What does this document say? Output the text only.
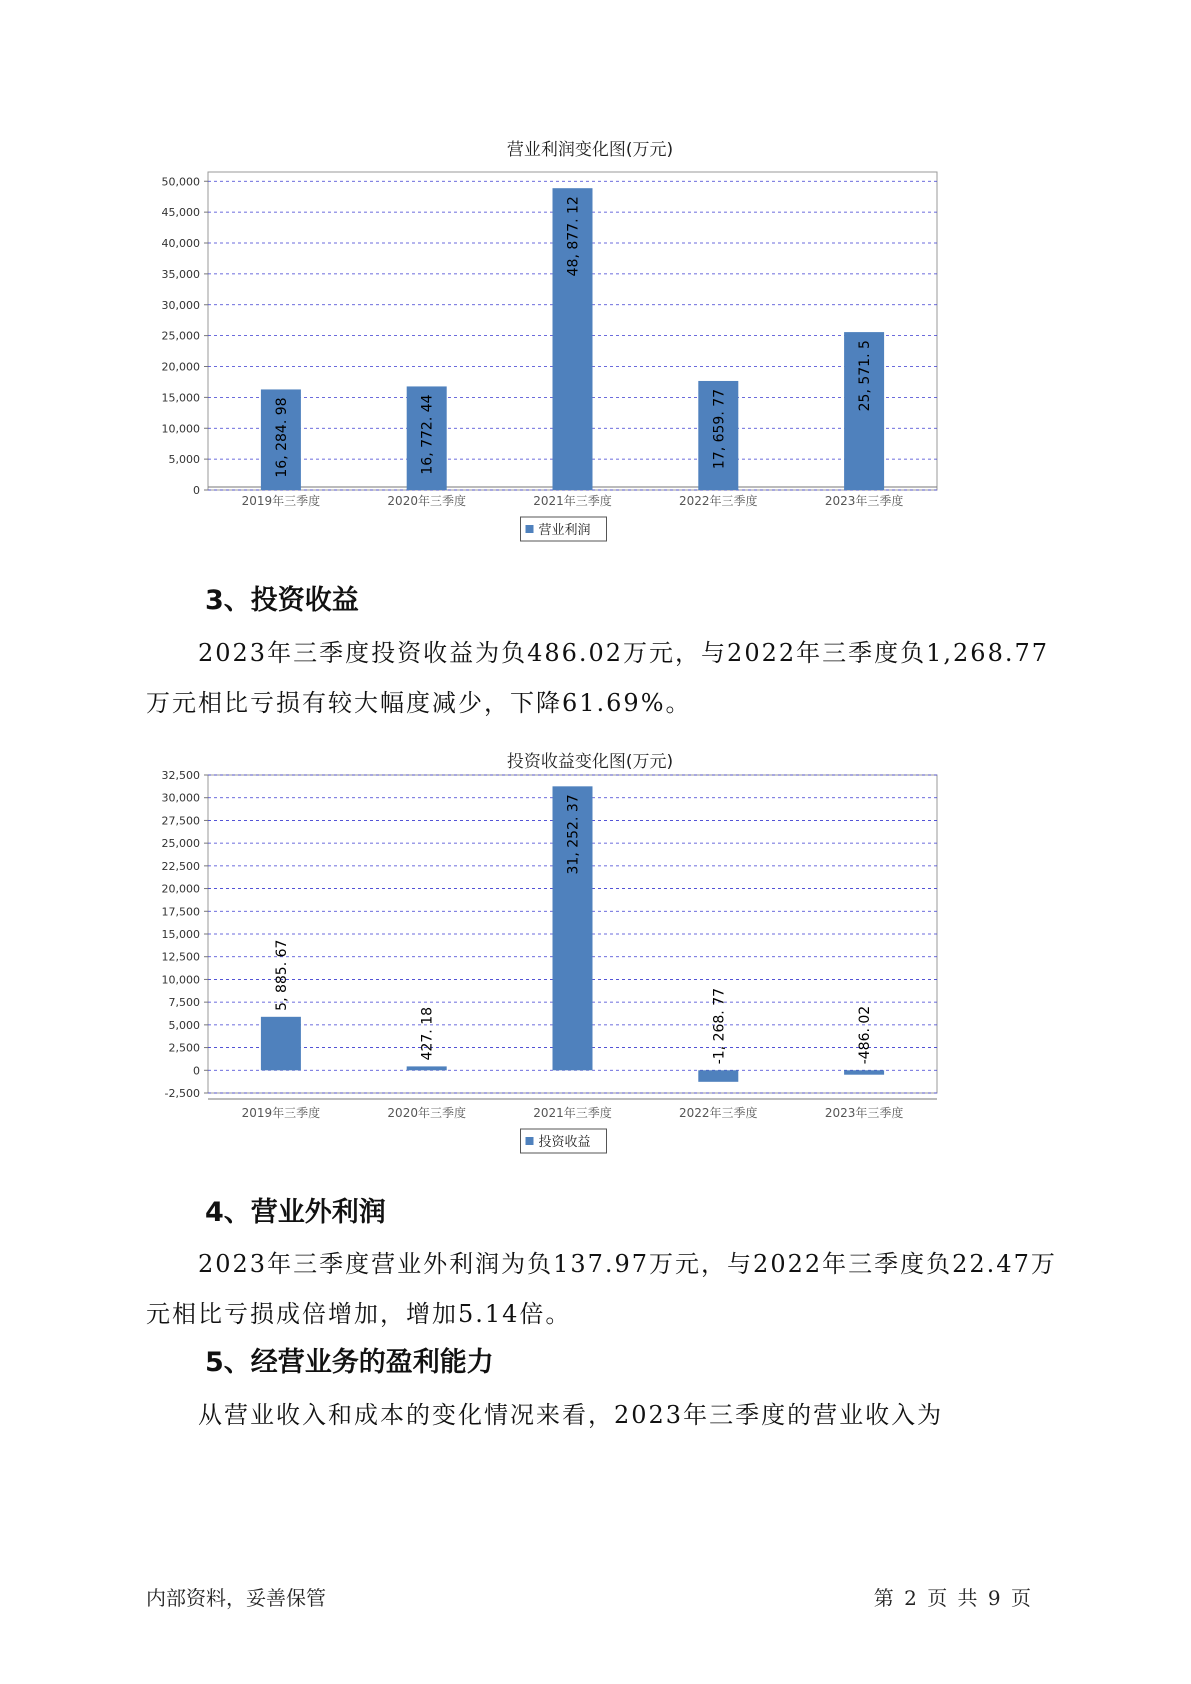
营业利润变化图(万元)
0
5,000
10,000
15,000
20,000
25,000
30,000
35,000
40,000
45,000
50,000
16, 284. 98
2019年三季度
16, 772. 44
2020年三季度
48, 877. 12
2021年三季度
17, 659. 77
2022年三季度
25, 571. 5
2023年三季度
营业利润
3、投资收益

2023年三季度投资收益为负486.02万元，与2022年三季度负1,268.77
万元相比亏损有较大幅度减少，下降61.69%。

投资收益变化图(万元)
-2,500
0
2,500
5,000
7,500
10,000
12,500
15,000
17,500
20,000
22,500
25,000
27,500
30,000
32,500
5, 885. 67
2019年三季度
427. 18
2020年三季度
31, 252. 37
2021年三季度
-1, 268. 77
2022年三季度
-486. 02
2023年三季度
投资收益
4、营业外利润

2023年三季度营业外利润为负137.97万元，与2022年三季度负22.47万
元相比亏损成倍增加，增加5.14倍。

5、经营业务的盈利能力

从营业收入和成本的变化情况来看，2023年三季度的营业收入为

内部资料，妥善保管	第 2 页 共 9 页
